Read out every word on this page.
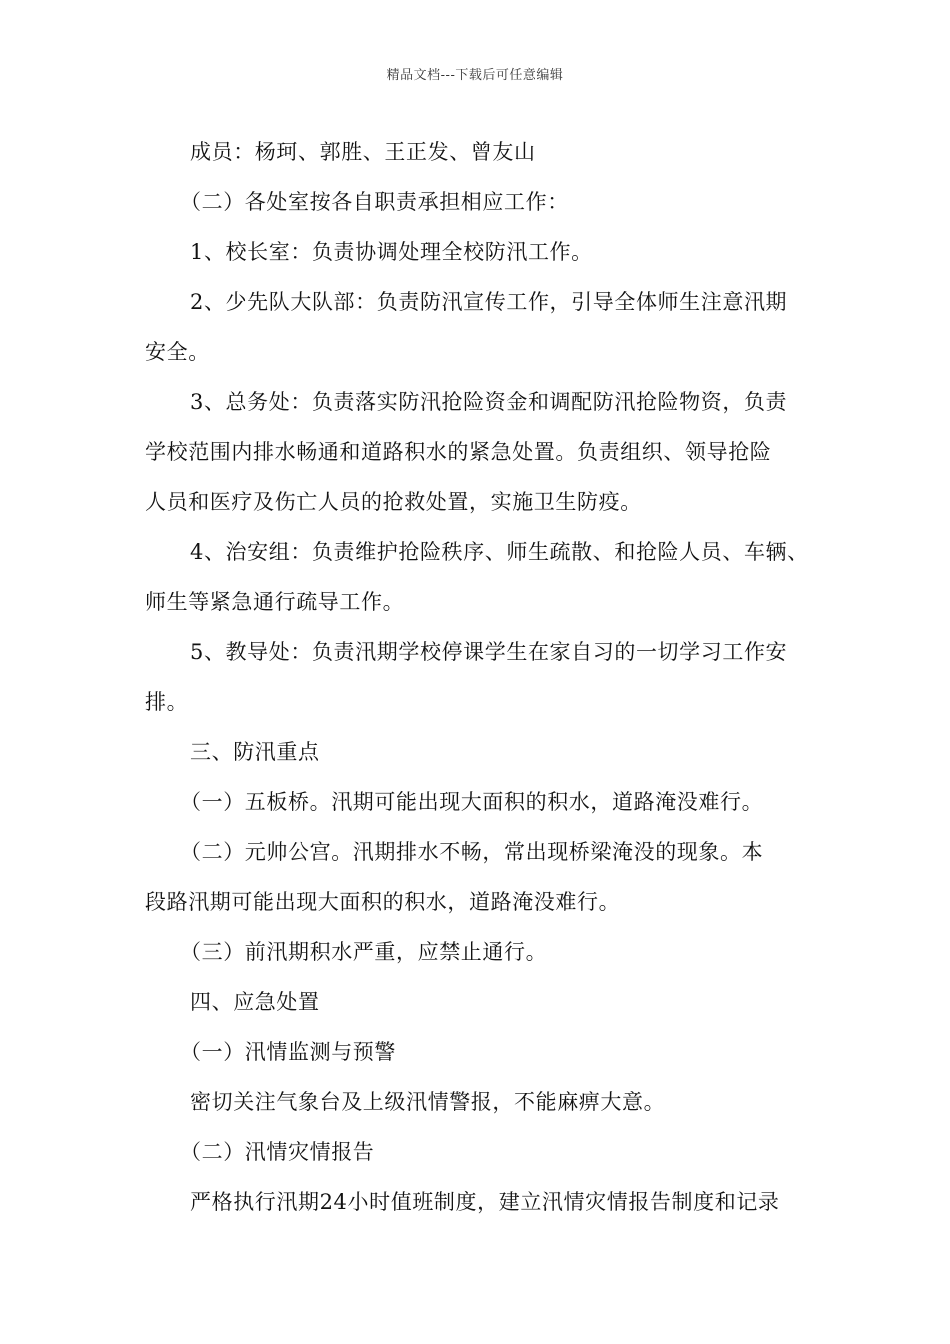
精品文档---下载后可任意编辑
成员：杨珂、郭胜、王正发、曾友山
（二）各处室按各自职责承担相应工作：
1、校长室：负责协调处理全校防汛工作。
2、少先队大队部：负责防汛宣传工作，引导全体师生注意汛期
安全。
3、总务处：负责落实防汛抢险资金和调配防汛抢险物资，负责
学校范围内排水畅通和道路积水的紧急处置。负责组织、领导抢险
人员和医疗及伤亡人员的抢救处置，实施卫生防疫。
4、治安组：负责维护抢险秩序、师生疏散、和抢险人员、车辆、
师生等紧急通行疏导工作。
5、教导处：负责汛期学校停课学生在家自习的一切学习工作安
排。
三、防汛重点
（一）五板桥。汛期可能出现大面积的积水，道路淹没难行。
（二）元帅公宫。汛期排水不畅，常出现桥梁淹没的现象。本
段路汛期可能出现大面积的积水，道路淹没难行。
（三）前汛期积水严重，应禁止通行。
四、应急处置
（一）汛情监测与预警
密切关注气象台及上级汛情警报，不能麻痹大意。
（二）汛情灾情报告
严格执行汛期24小时值班制度，建立汛情灾情报告制度和记录
